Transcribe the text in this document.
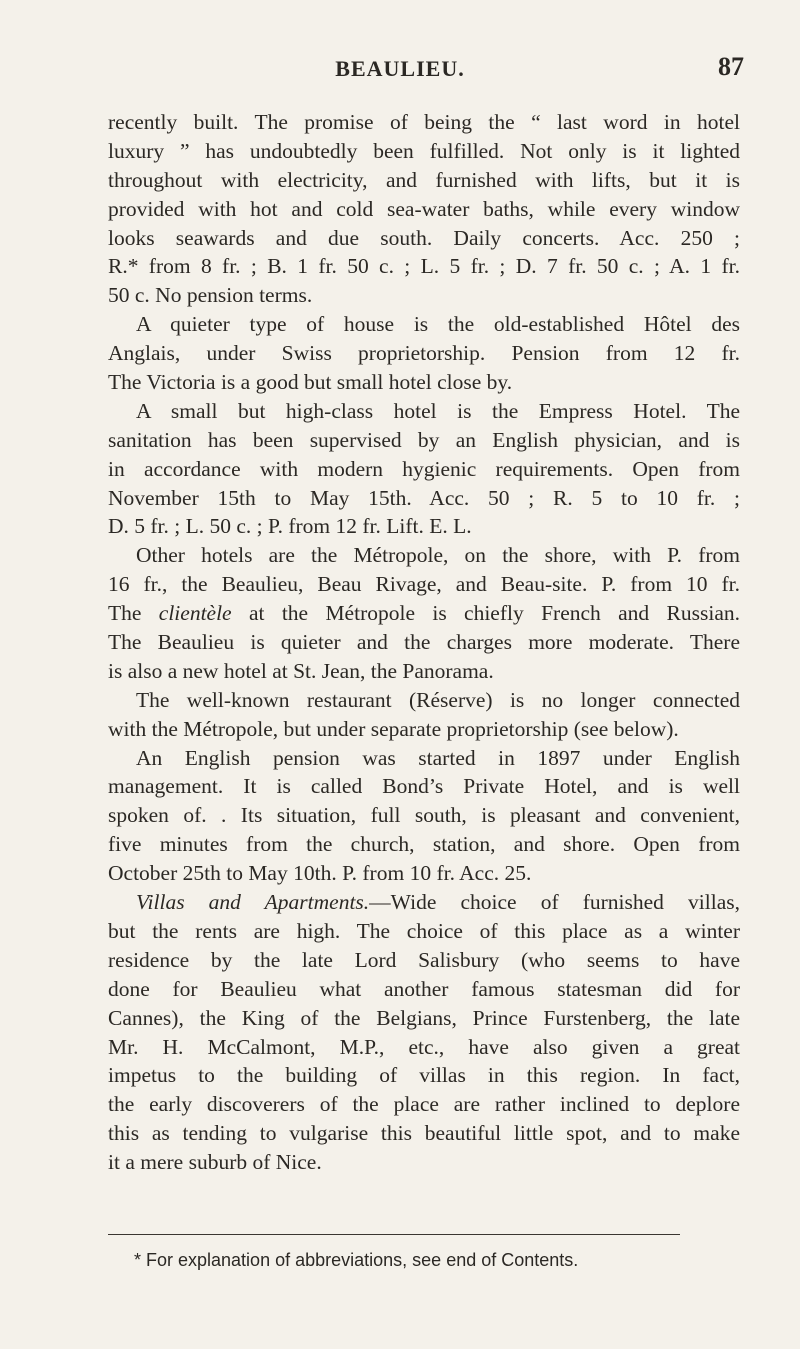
BEAULIEU.	87
recently built. The promise of being the “ last word in hotel
luxury ” has undoubtedly been fulfilled. Not only is it lighted
throughout with electricity, and furnished with lifts, but it is
provided with hot and cold sea-water baths, while every window
looks seawards and due south. Daily concerts. Acc. 250 ;
R.* from 8 fr. ; B. 1 fr. 50 c. ; L. 5 fr. ; D. 7 fr. 50 c. ; A. 1 fr.
50 c. No pension terms.
A quieter type of house is the old-established Hôtel des
Anglais, under Swiss proprietorship. Pension from 12 fr.
The Victoria is a good but small hotel close by.
A small but high-class hotel is the Empress Hotel. The
sanitation has been supervised by an English physician, and is
in accordance with modern hygienic requirements. Open from
November 15th to May 15th. Acc. 50 ; R. 5 to 10 fr. ;
D. 5 fr. ; L. 50 c. ; P. from 12 fr. Lift. E. L.
Other hotels are the Métropole, on the shore, with P. from
16 fr., the Beaulieu, Beau Rivage, and Beau-site. P. from 10 fr.
The clientèle at the Métropole is chiefly French and Russian.
The Beaulieu is quieter and the charges more moderate. There
is also a new hotel at St. Jean, the Panorama.
The well-known restaurant (Réserve) is no longer connected
with the Métropole, but under separate proprietorship (see below).
An English pension was started in 1897 under English
management. It is called Bond’s Private Hotel, and is well
spoken of. . Its situation, full south, is pleasant and convenient,
five minutes from the church, station, and shore. Open from
October 25th to May 10th. P. from 10 fr. Acc. 25.
Villas and Apartments.—Wide choice of furnished villas,
but the rents are high. The choice of this place as a winter
residence by the late Lord Salisbury (who seems to have
done for Beaulieu what another famous statesman did for
Cannes), the King of the Belgians, Prince Furstenberg, the late
Mr. H. McCalmont, M.P., etc., have also given a great
impetus to the building of villas in this region. In fact,
the early discoverers of the place are rather inclined to deplore
this as tending to vulgarise this beautiful little spot, and to make
it a mere suburb of Nice.
* For explanation of abbreviations, see end of Contents.
